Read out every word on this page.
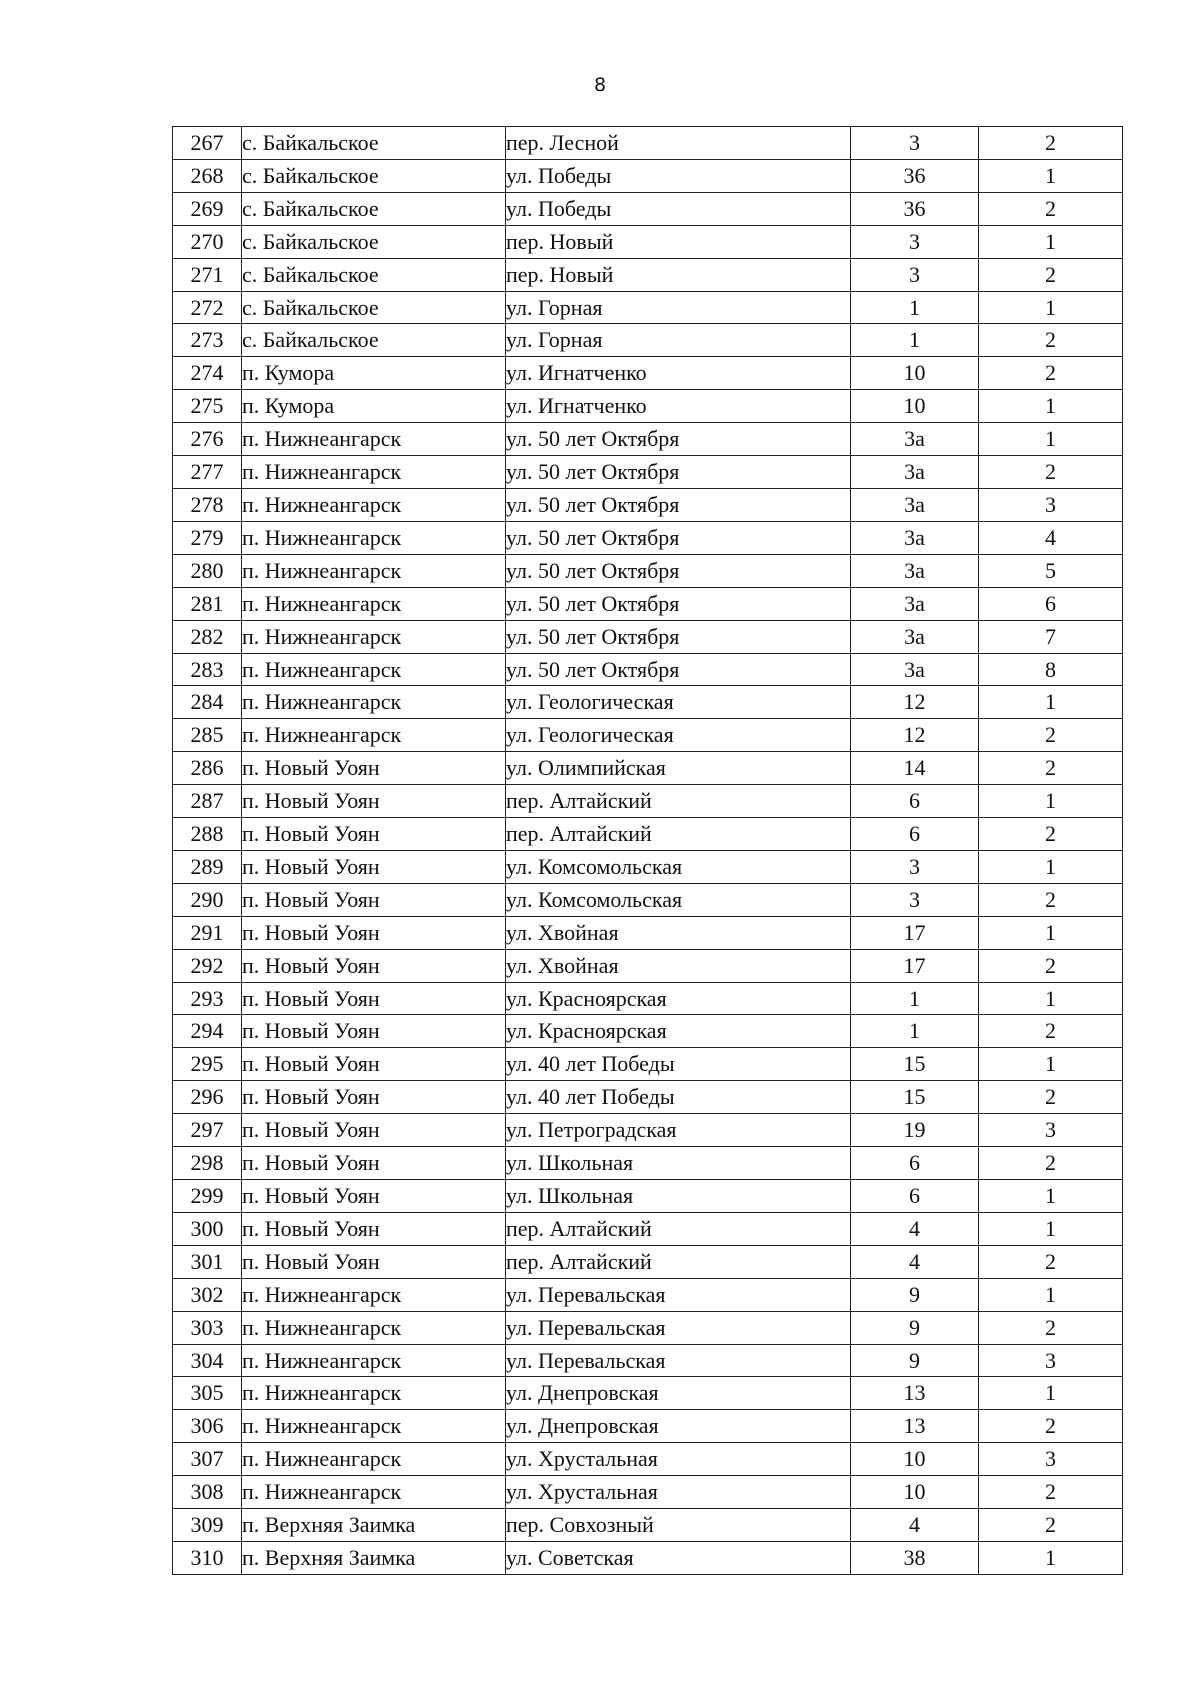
8
267	с. Байкальское	пер. Лесной	3	2
268	с. Байкальское	ул. Победы	36	1
269	с. Байкальское	ул. Победы	36	2
270	с. Байкальское	пер. Новый	3	1
271	с. Байкальское	пер. Новый	3	2
272	с. Байкальское	ул. Горная	1	1
273	с. Байкальское	ул. Горная	1	2
274	п. Кумора	ул. Игнатченко	10	2
275	п. Кумора	ул. Игнатченко	10	1
276	п. Нижнеангарск	ул. 50 лет Октября	3а	1
277	п. Нижнеангарск	ул. 50 лет Октября	3а	2
278	п. Нижнеангарск	ул. 50 лет Октября	3а	3
279	п. Нижнеангарск	ул. 50 лет Октября	3а	4
280	п. Нижнеангарск	ул. 50 лет Октября	3а	5
281	п. Нижнеангарск	ул. 50 лет Октября	3а	6
282	п. Нижнеангарск	ул. 50 лет Октября	3а	7
283	п. Нижнеангарск	ул. 50 лет Октября	3а	8
284	п. Нижнеангарск	ул. Геологическая	12	1
285	п. Нижнеангарск	ул. Геологическая	12	2
286	п. Новый Уоян	ул. Олимпийская	14	2
287	п. Новый Уоян	пер. Алтайский	6	1
288	п. Новый Уоян	пер. Алтайский	6	2
289	п. Новый Уоян	ул. Комсомольская	3	1
290	п. Новый Уоян	ул. Комсомольская	3	2
291	п. Новый Уоян	ул. Хвойная	17	1
292	п. Новый Уоян	ул. Хвойная	17	2
293	п. Новый Уоян	ул. Красноярская	1	1
294	п. Новый Уоян	ул. Красноярская	1	2
295	п. Новый Уоян	ул. 40 лет Победы	15	1
296	п. Новый Уоян	ул. 40 лет Победы	15	2
297	п. Новый Уоян	ул. Петроградская	19	3
298	п. Новый Уоян	ул. Школьная	6	2
299	п. Новый Уоян	ул. Школьная	6	1
300	п. Новый Уоян	пер. Алтайский	4	1
301	п. Новый Уоян	пер. Алтайский	4	2
302	п. Нижнеангарск	ул. Перевальская	9	1
303	п. Нижнеангарск	ул. Перевальская	9	2
304	п. Нижнеангарск	ул. Перевальская	9	3
305	п. Нижнеангарск	ул. Днепровская	13	1
306	п. Нижнеангарск	ул. Днепровская	13	2
307	п. Нижнеангарск	ул. Хрустальная	10	3
308	п. Нижнеангарск	ул. Хрустальная	10	2
309	п. Верхняя Заимка	пер. Совхозный	4	2
310	п. Верхняя Заимка	ул. Советская	38	1
